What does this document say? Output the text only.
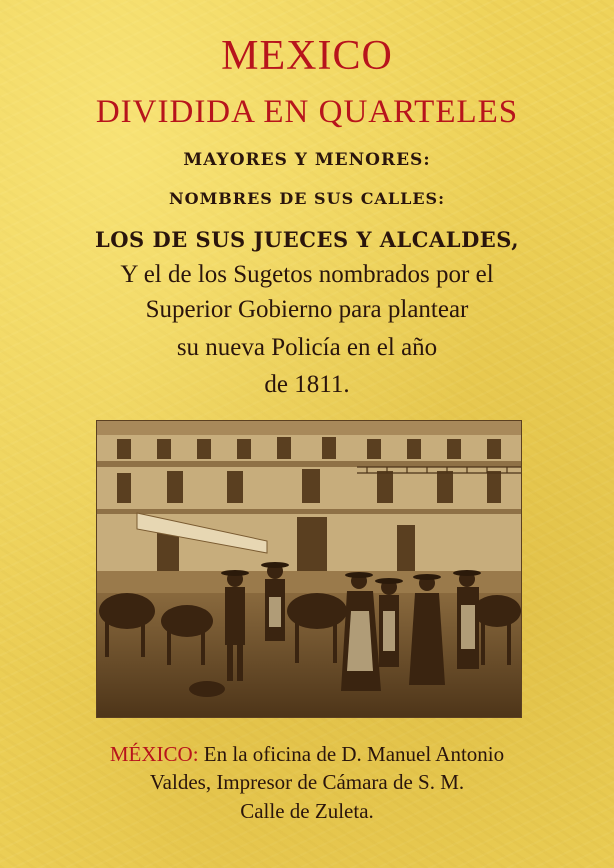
MEXICO
DIVIDIDA EN QUARTELES
MAYORES Y MENORES:
NOMBRES DE SUS CALLES:
LOS DE SUS JUECES Y ALCALDES,
Y el de los Sugetos nombrados por el
Superior Gobierno para plantear
su nueva Policía en el año
de 1811.
MÉXICO: En la oficina de D. Manuel Antonio
Valdes, Impresor de Cámara de S. M.
Calle de Zuleta.
